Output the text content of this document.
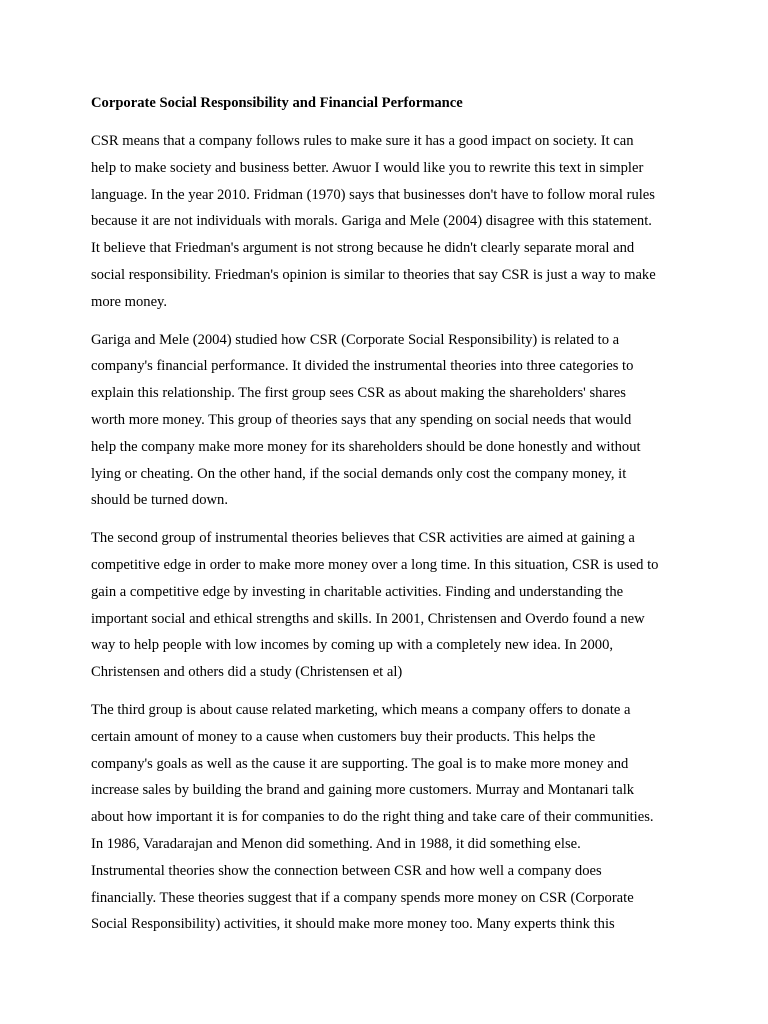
Corporate Social Responsibility and Financial Performance

CSR means that a company follows rules to make sure it has a good impact on society. It can
help to make society and business better. Awuor I would like you to rewrite this text in simpler
language. In the year 2010. Fridman (1970) says that businesses don't have to follow moral rules
because it are not individuals with morals. Gariga and Mele (2004) disagree with this statement.
It believe that Friedman's argument is not strong because he didn't clearly separate moral and
social responsibility. Friedman's opinion is similar to theories that say CSR is just a way to make
more money.

Gariga and Mele (2004) studied how CSR (Corporate Social Responsibility) is related to a
company's financial performance. It divided the instrumental theories into three categories to
explain this relationship. The first group sees CSR as about making the shareholders' shares
worth more money. This group of theories says that any spending on social needs that would
help the company make more money for its shareholders should be done honestly and without
lying or cheating. On the other hand, if the social demands only cost the company money, it
should be turned down.

The second group of instrumental theories believes that CSR activities are aimed at gaining a
competitive edge in order to make more money over a long time. In this situation, CSR is used to
gain a competitive edge by investing in charitable activities. Finding and understanding the
important social and ethical strengths and skills. In 2001, Christensen and Overdo found a new
way to help people with low incomes by coming up with a completely new idea. In 2000,
Christensen and others did a study (Christensen et al)

The third group is about cause related marketing, which means a company offers to donate a
certain amount of money to a cause when customers buy their products. This helps the
company's goals as well as the cause it are supporting. The goal is to make more money and
increase sales by building the brand and gaining more customers. Murray and Montanari talk
about how important it is for companies to do the right thing and take care of their communities.
In 1986, Varadarajan and Menon did something. And in 1988, it did something else.
Instrumental theories show the connection between CSR and how well a company does
financially. These theories suggest that if a company spends more money on CSR (Corporate
Social Responsibility) activities, it should make more money too. Many experts think this
